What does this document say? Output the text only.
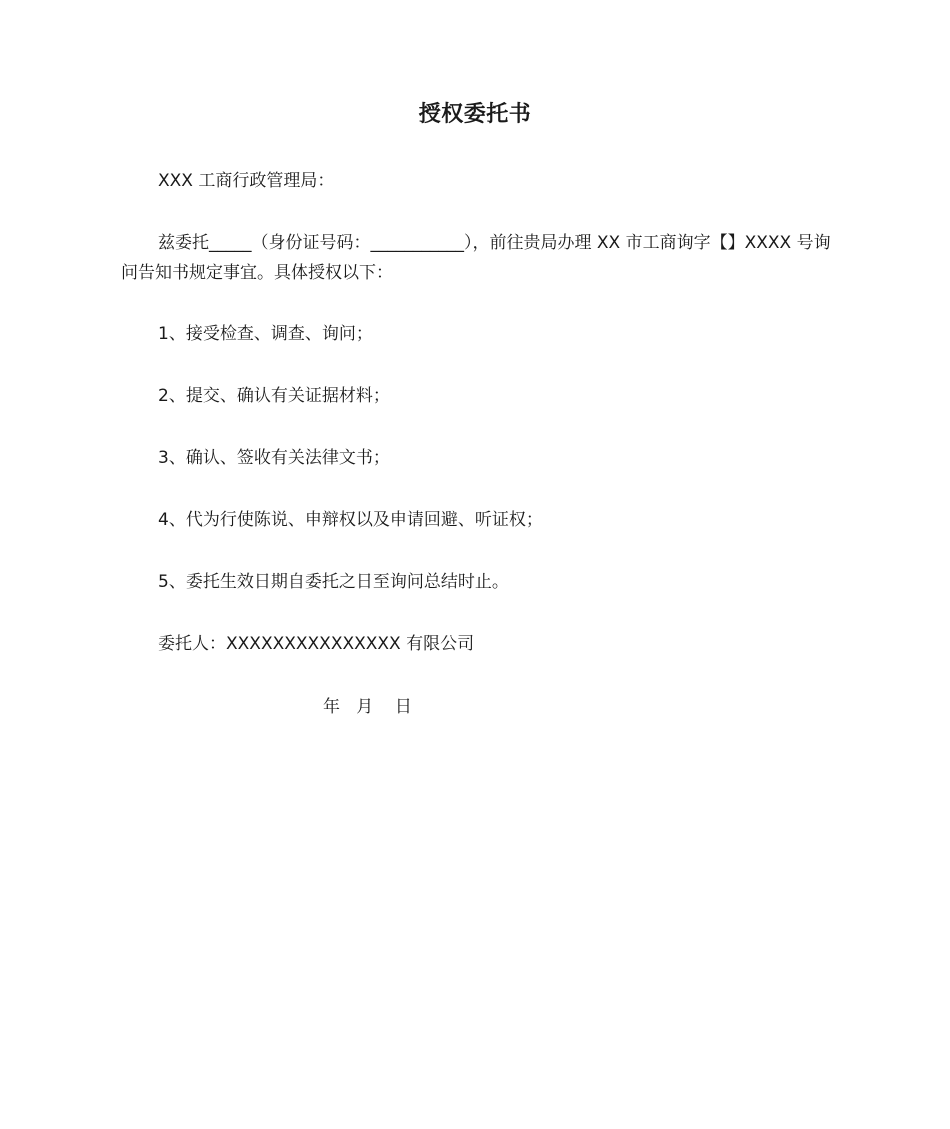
授权委托书

XXX 工商行政管理局：

兹委托_____（身份证号码：___________），前往贵局办理 XX 市工商询字【】XXXX 号询问告知书规定事宜。具体授权以下：

1、接受检查、调查、询问；

2、提交、确认有关证据材料；

3、确认、签收有关法律文书；

4、代为行使陈说、申辩权以及申请回避、听证权；

5、委托生效日期自委托之日至询问总结时止。

委托人：XXXXXXXXXXXXXXX 有限公司

年   月    日
